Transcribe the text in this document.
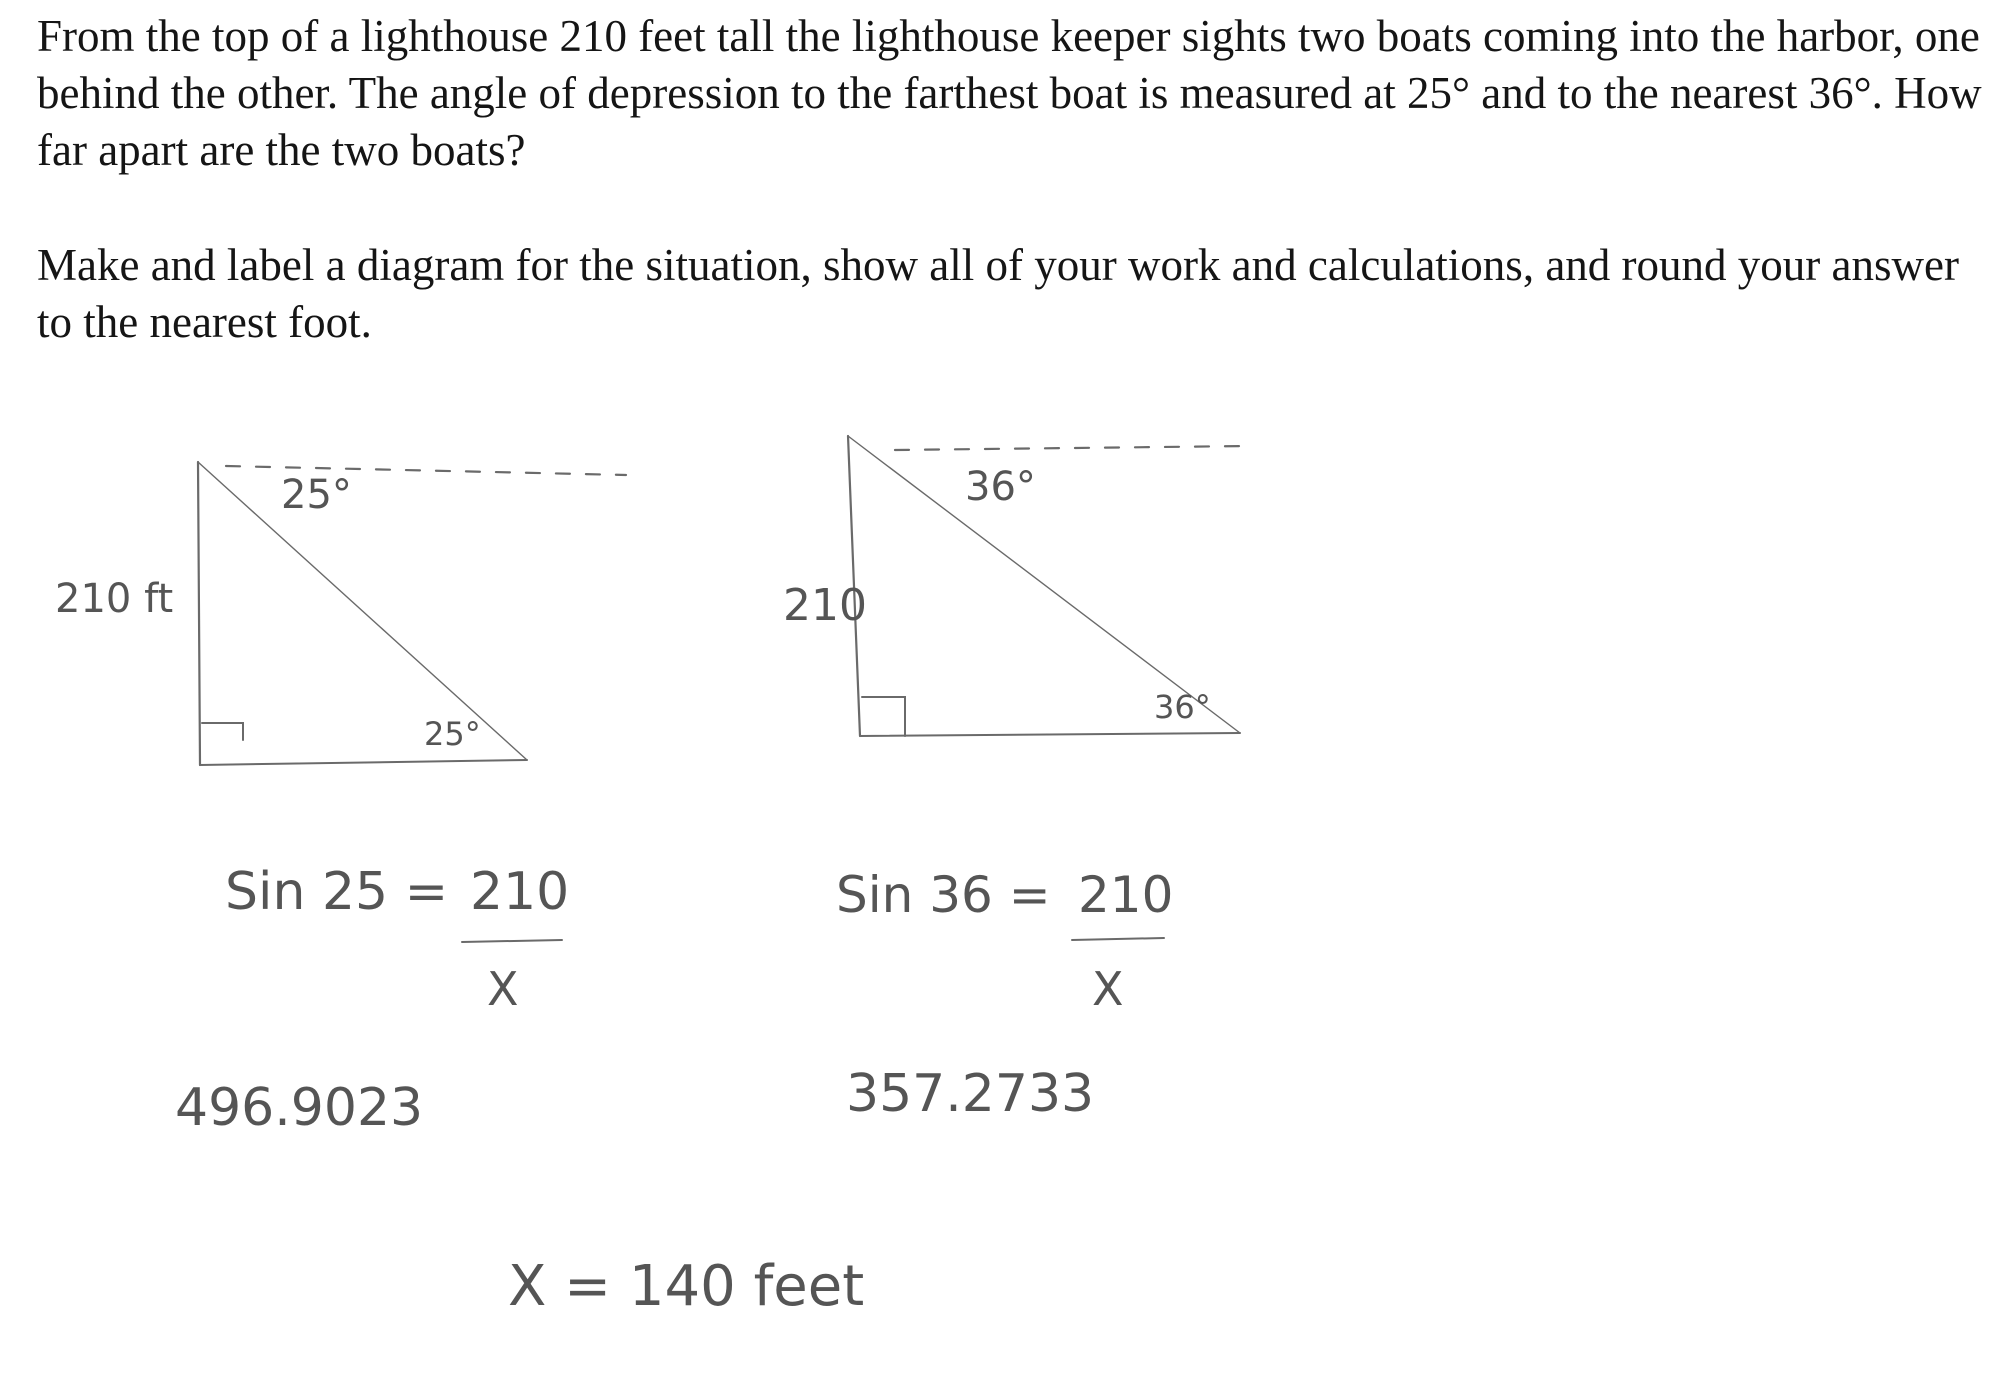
From the top of a lighthouse 210 feet tall the lighthouse keeper sights two boats coming into the harbor, one behind the other. The angle of depression to the farthest boat is measured at 25° and to the nearest 36°. How far apart are the two boats?

Make and label a diagram for the situation, show all of your work and calculations, and round your answer to the nearest foot.

210 ft
25°
25°
210
36°
36°
Sin 25 = 210
X
Sin 36 = 210
X
496.9023	357.2733
X = 140 feet
